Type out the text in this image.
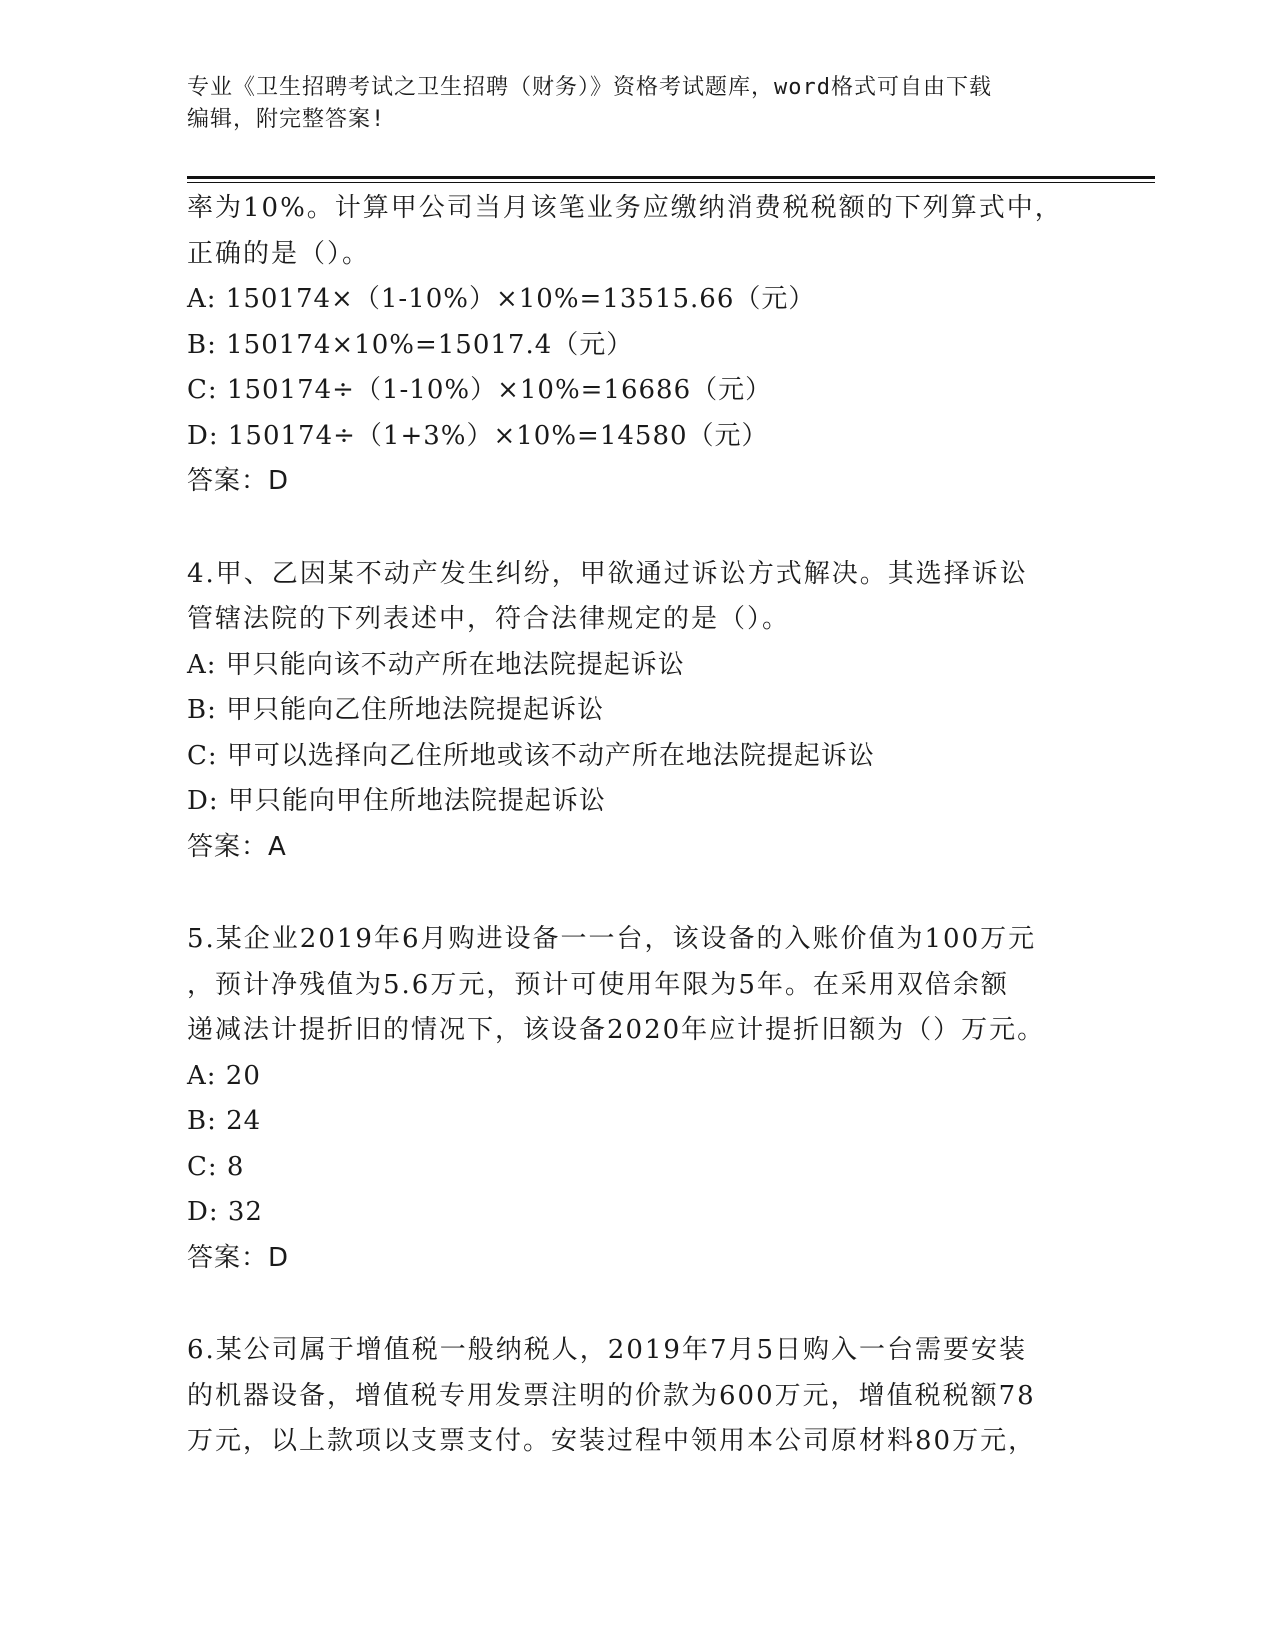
专业《卫生招聘考试之卫生招聘（财务）》资格考试题库，word格式可自由下载
编辑，附完整答案!
率为10%。计算甲公司当月该笔业务应缴纳消费税税额的下列算式中，
正确的是（）。
A: 150174×（1-10%）×10%=13515.66（元）
B: 150174×10%=15017.4（元）
C: 150174÷（1-10%）×10%=16686（元）
D: 150174÷（1+3%）×10%=14580（元）
答案：D
4.甲、乙因某不动产发生纠纷，甲欲通过诉讼方式解决。其选择诉讼
管辖法院的下列表述中，符合法律规定的是（）。
A: 甲只能向该不动产所在地法院提起诉讼
B: 甲只能向乙住所地法院提起诉讼
C: 甲可以选择向乙住所地或该不动产所在地法院提起诉讼
D: 甲只能向甲住所地法院提起诉讼
答案：A
5.某企业2019年6月购进设备一一台，该设备的入账价值为100万元
，预计净残值为5.6万元，预计可使用年限为5年。在采用双倍余额
递减法计提折旧的情况下，该设备2020年应计提折旧额为（）万元。
A: 20
B: 24
C: 8
D: 32
答案：D
6.某公司属于增值税一般纳税人，2019年7月5日购入一台需要安装
的机器设备，增值税专用发票注明的价款为600万元，增值税税额78
万元，以上款项以支票支付。安装过程中领用本公司原材料80万元，
